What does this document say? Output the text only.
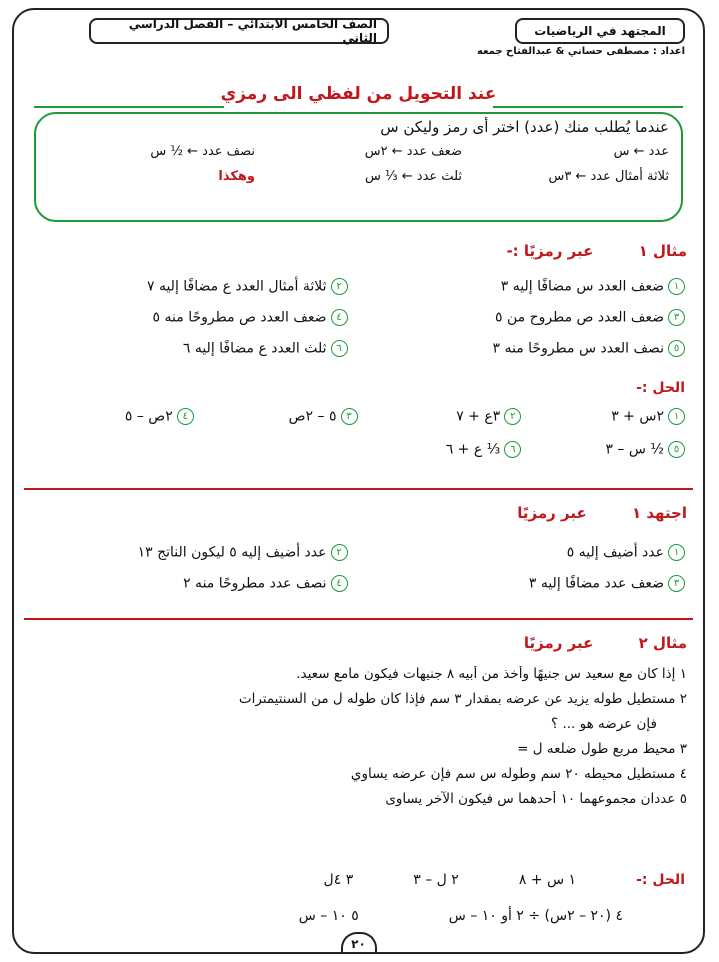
المجتهد في الرياضيات
الصف الخامس الابتدائي – الفصل الدراسي الثاني
اعداد : مصطفى حساني & عبدالفتاح جمعه
عند التحويل من لفظي الى رمزي
عندما يُطلب منك (عدد) اختر أى رمز وليكن س
عدد ← س
ضعف عدد ← ٢س
نصف عدد ← ½ س
ثلاثة أمثال عدد ← ٣س
ثلث عدد ← ⅓ س
وهكذا
مثال ١ عبر رمزيًا :-
١ضعف العدد س مضافًا إليه ٣
٢ثلاثة أمثال العدد ع مضافًا إليه ٧
٣ضعف العدد ص مطروح من ٥
٤ضعف العدد ص مطروحًا منه ٥
٥نصف العدد س مطروحًا منه ٣
٦ثلث العدد ع مضافًا إليه ٦
الحل :-
١٢س + ٣
٢٣ع + ٧
٣٥ – ٢ص
٤٢ص – ٥
٥½ س – ٣
٦⅓ ع + ٦
اجتهد ١ عبر رمزيًا
١عدد أضيف إليه ٥
٢عدد أضيف إليه ٥ ليكون الناتج ١٣
٣ضعف عدد مضافًا إليه ٣
٤نصف عدد مطروحًا منه ٢
مثال ٢ عبر رمزيًا
١ إذا كان مع سعيد س جنيهًا وأخذ من أبيه ٨ جنيهات فيكون مامع سعيد.
٢ مستطيل طوله يزيد عن عرضه بمقدار ٣ سم فإذا كان طوله ل من السنتيمترات
فإن عرضه هو ... ؟
٣ محيط مربع طول ضلعه ل =
٤ مستطيل محيطه ٢٠ سم وطوله س سم فإن عرضه يساوي
٥ عددان مجموعهما ١٠ أحدهما س فيكون الآخر يساوى
الحل :-
١ س + ٨
٢ ل – ٣
٣ ٤ل
٤ (٢٠ – ٢س) ÷ ٢ أو ١٠ – س
٥ ١٠ – س
٢٠
